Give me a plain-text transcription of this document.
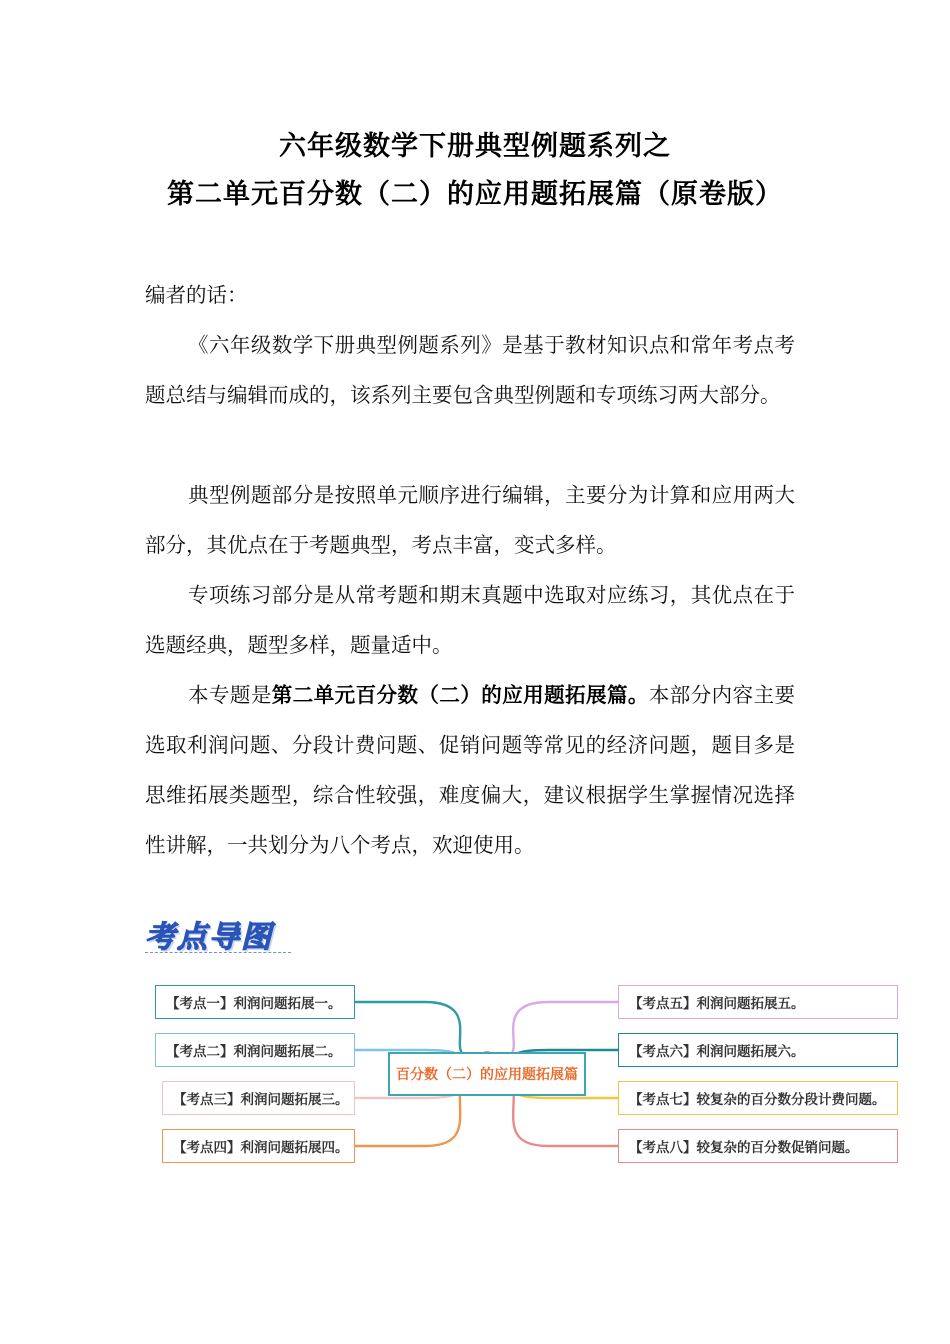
六年级数学下册典型例题系列之
第二单元百分数（二）的应用题拓展篇（原卷版）
编者的话：
《六年级数学下册典型例题系列》是基于教材知识点和常年考点考题总结与编辑而成的，该系列主要包含典型例题和专项练习两大部分。
典型例题部分是按照单元顺序进行编辑，主要分为计算和应用两大部分，其优点在于考题典型，考点丰富，变式多样。
专项练习部分是从常考题和期末真题中选取对应练习，其优点在于选题经典，题型多样，题量适中。
本专题是第二单元百分数（二）的应用题拓展篇。本部分内容主要选取利润问题、分段计费问题、促销问题等常见的经济问题，题目多是思维拓展类题型，综合性较强，难度偏大，建议根据学生掌握情况选择性讲解，一共划分为八个考点，欢迎使用。
考点导图
百分数（二）的应用题拓展篇
【考点一】利润问题拓展一。
【考点二】利润问题拓展二。
【考点三】利润问题拓展三。
【考点四】利润问题拓展四。
【考点五】利润问题拓展五。
【考点六】利润问题拓展六。
【考点七】较复杂的百分数分段计费问题。
【考点八】较复杂的百分数促销问题。
